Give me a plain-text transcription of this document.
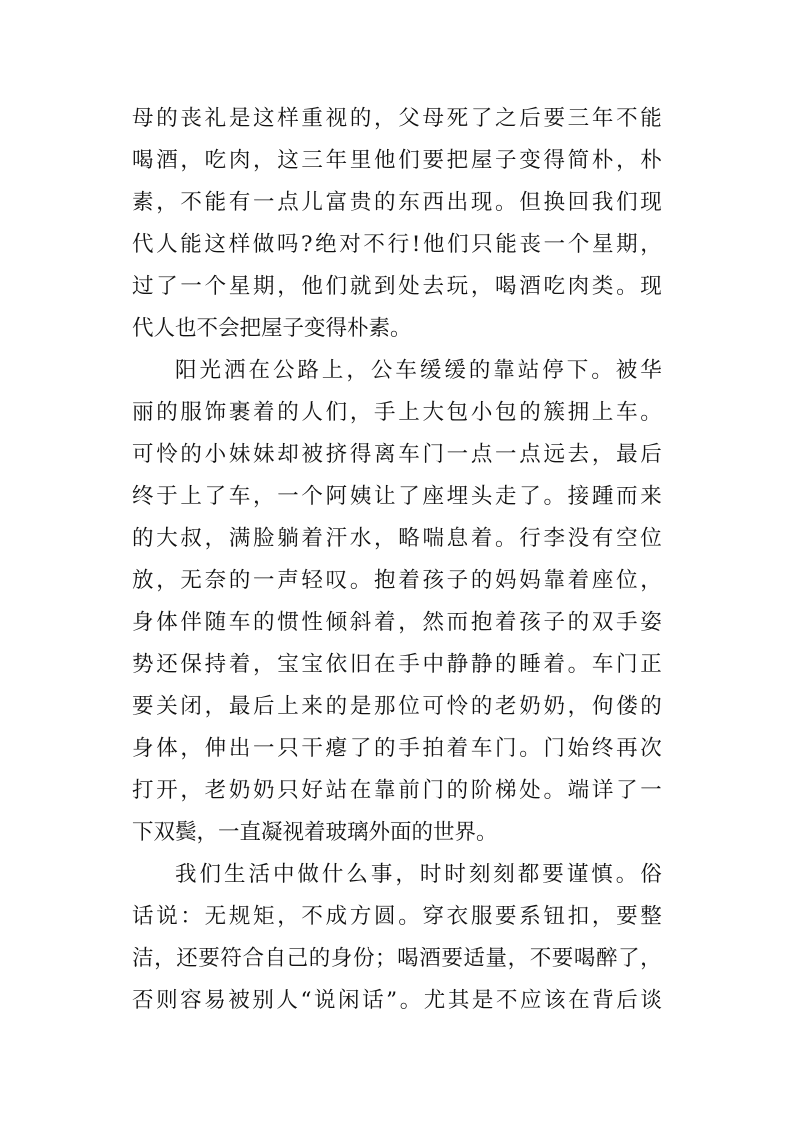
母 的 丧 礼 是 这 样 重 视 的 ， 父 母 死 了 之 后 要 三 年 不 能
喝 酒 ， 吃 肉 ， 这 三 年 里 他 们 要 把 屋 子 变 得 简 朴 ， 朴
素 ， 不 能 有 一 点 儿 富 贵 的 东 西 出 现 。 但 换 回 我 们 现
代 人 能 这 样 做 吗 ? 绝 对 不 行 ! 他 们 只 能 丧 一 个 星 期 ，
过 了 一 个 星 期 ， 他 们 就 到 处 去 玩 ， 喝 酒 吃 肉 类 。 现
代人也不会把屋子变得朴素。
阳 光 洒 在 公 路 上 ， 公 车 缓 缓 的 靠 站 停 下 。 被 华
丽 的 服 饰 裹 着 的 人 们 ， 手 上 大 包 小 包 的 簇 拥 上 车 。
可 怜 的 小 妹 妹 却 被 挤 得 离 车 门 一 点 一 点 远 去 ， 最 后
终 于 上 了 车 ， 一 个 阿 姨 让 了 座 埋 头 走 了 。 接 踵 而 来
的 大 叔 ， 满 脸 躺 着 汗 水 ， 略 喘 息 着 。 行 李 没 有 空 位
放 ， 无 奈 的 一 声 轻 叹 。 抱 着 孩 子 的 妈 妈 靠 着 座 位 ，
身 体 伴 随 车 的 惯 性 倾 斜 着 ， 然 而 抱 着 孩 子 的 双 手 姿
势 还 保 持 着 ， 宝 宝 依 旧 在 手 中 静 静 的 睡 着 。 车 门 正
要 关 闭 ， 最 后 上 来 的 是 那 位 可 怜 的 老 奶 奶 ， 佝 偻 的
身 体 ， 伸 出 一 只 干 瘪 了 的 手 拍 着 车 门 。 门 始 终 再 次
打 开 ， 老 奶 奶 只 好 站 在 靠 前 门 的 阶 梯 处 。 端 详 了 一
下双鬓，一直凝视着玻璃外面的世界。
我 们 生 活 中 做 什 么 事 ， 时 时 刻 刻 都 要 谨 慎 。 俗
话 说 ： 无 规 矩 ， 不 成 方 圆 。 穿 衣 服 要 系 钮 扣 ， 要 整
洁 ， 还 要 符 合 自 己 的 身 份 ； 喝 酒 要 适 量 ， 不 要 喝 醉 了 ，
否 则 容 易 被 别 人 “ 说 闲 话 ” 。 尤 其 是 不 应 该 在 背 后 谈
